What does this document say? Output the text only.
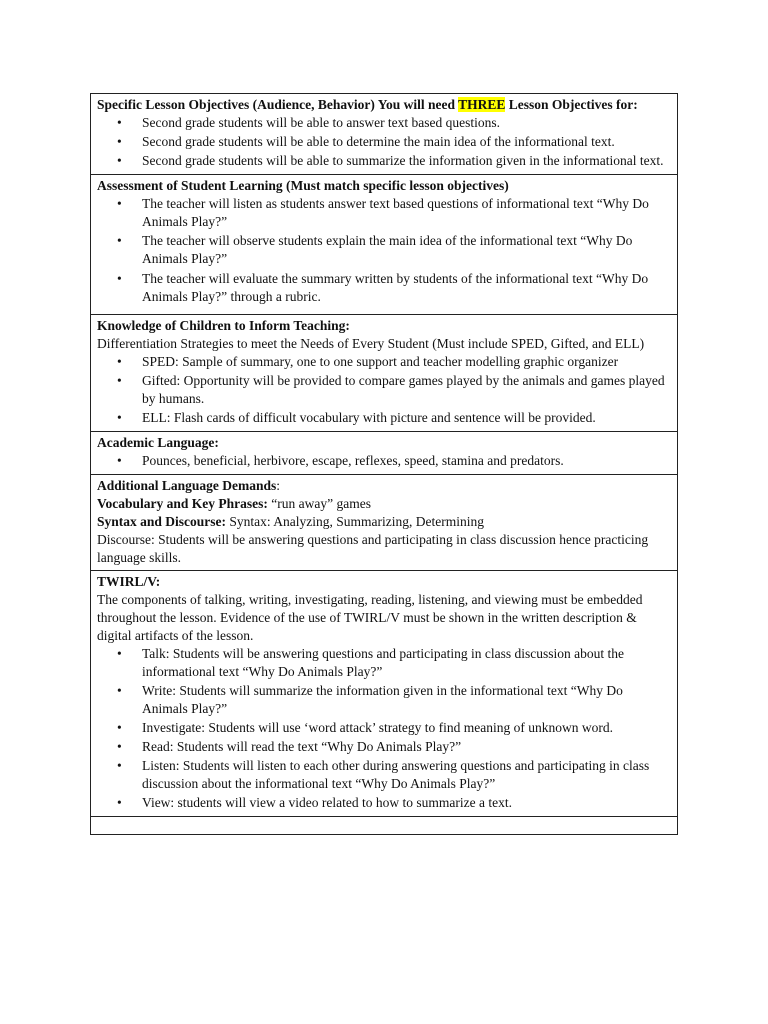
Specific Lesson Objectives (Audience, Behavior) You will need THREE Lesson Objectives for:

• Second grade students will be able to answer text based questions.
• Second grade students will be able to determine the main idea of the informational text.
• Second grade students will be able to summarize the information given in the informational text.

Assessment of Student Learning (Must match specific lesson objectives)

• The teacher will listen as students answer text based questions of informational text “Why Do Animals Play?”
• The teacher will observe students explain the main idea of the informational text “Why Do Animals Play?”
• The teacher will evaluate the summary written by students of the informational text “Why Do Animals Play?” through a rubric.

Knowledge of Children to Inform Teaching:

Differentiation Strategies to meet the Needs of Every Student (Must include SPED, Gifted, and ELL)

• SPED: Sample of summary, one to one support and teacher modelling graphic organizer
• Gifted: Opportunity will be provided to compare games played by the animals and games played by humans.
• ELL: Flash cards of difficult vocabulary with picture and sentence will be provided.

Academic Language:

• Pounces, beneficial, herbivore, escape, reflexes, speed, stamina and predators.

Additional Language Demands:

Vocabulary and Key Phrases: “run away” games

Syntax and Discourse: Syntax: Analyzing, Summarizing, Determining

Discourse: Students will be answering questions and participating in class discussion hence practicing language skills.

TWIRL/V:

The components of talking, writing, investigating, reading, listening, and viewing must be embedded throughout the lesson. Evidence of the use of TWIRL/V must be shown in the written description & digital artifacts of the lesson.

• Talk: Students will be answering questions and participating in class discussion about the informational text “Why Do Animals Play?”
• Write: Students will summarize the information given in the informational text “Why Do Animals Play?”
• Investigate: Students will use ‘word attack’ strategy to find meaning of unknown word.
• Read: Students will read the text “Why Do Animals Play?”
• Listen: Students will listen to each other during answering questions and participating in class discussion about the informational text “Why Do Animals Play?”
• View: students will view a video related to how to summarize a text.
